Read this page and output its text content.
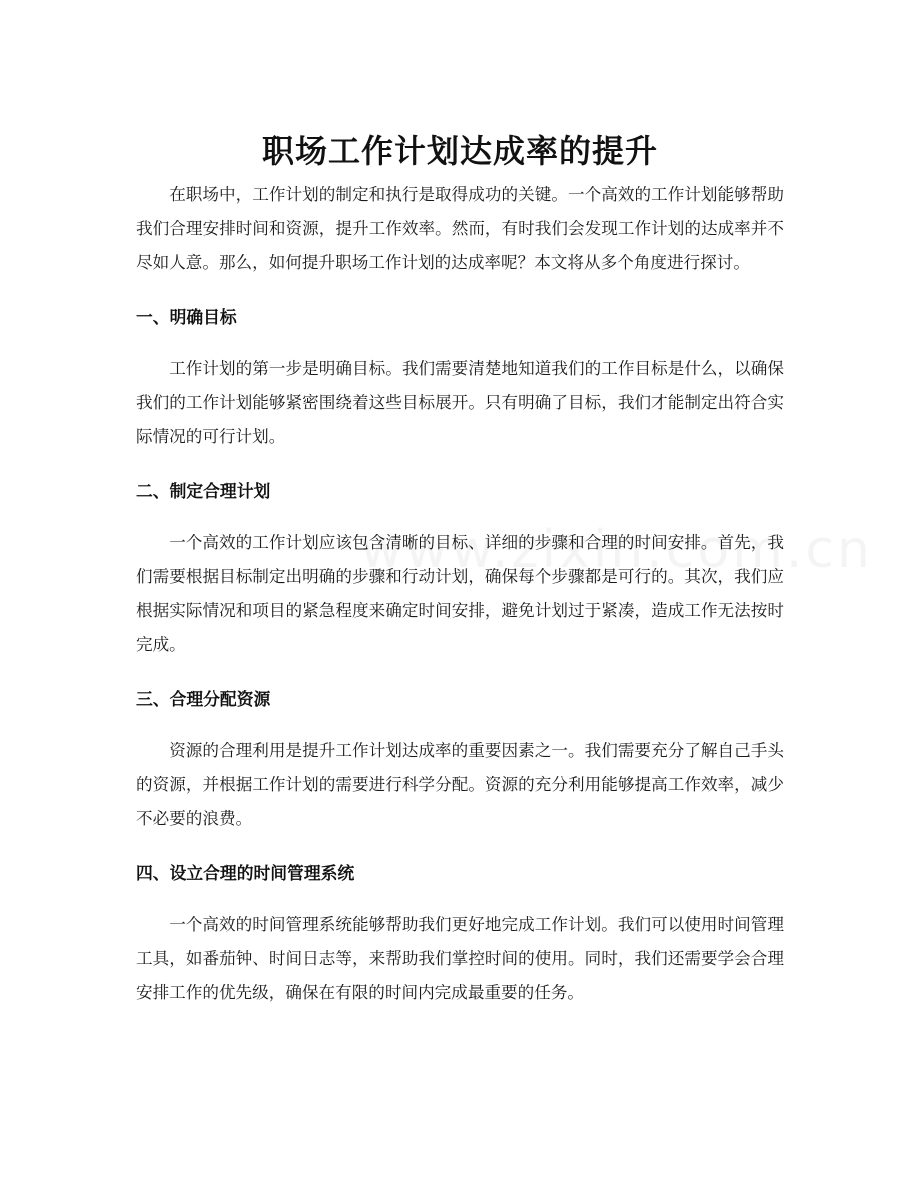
职场工作计划达成率的提升

在职场中，工作计划的制定和执行是取得成功的关键。一个高效的工作计划能够帮助我们合理安排时间和资源，提升工作效率。然而，有时我们会发现工作计划的达成率并不尽如人意。那么，如何提升职场工作计划的达成率呢？本文将从多个角度进行探讨。

一、明确目标

工作计划的第一步是明确目标。我们需要清楚地知道我们的工作目标是什么，以确保我们的工作计划能够紧密围绕着这些目标展开。只有明确了目标，我们才能制定出符合实际情况的可行计划。

二、制定合理计划

一个高效的工作计划应该包含清晰的目标、详细的步骤和合理的时间安排。首先，我们需要根据目标制定出明确的步骤和行动计划，确保每个步骤都是可行的。其次，我们应根据实际情况和项目的紧急程度来确定时间安排，避免计划过于紧凑，造成工作无法按时完成。

三、合理分配资源

资源的合理利用是提升工作计划达成率的重要因素之一。我们需要充分了解自己手头的资源，并根据工作计划的需要进行科学分配。资源的充分利用能够提高工作效率，减少不必要的浪费。

四、设立合理的时间管理系统

一个高效的时间管理系统能够帮助我们更好地完成工作计划。我们可以使用时间管理工具，如番茄钟、时间日志等，来帮助我们掌控时间的使用。同时，我们还需要学会合理安排工作的优先级，确保在有限的时间内完成最重要的任务。
